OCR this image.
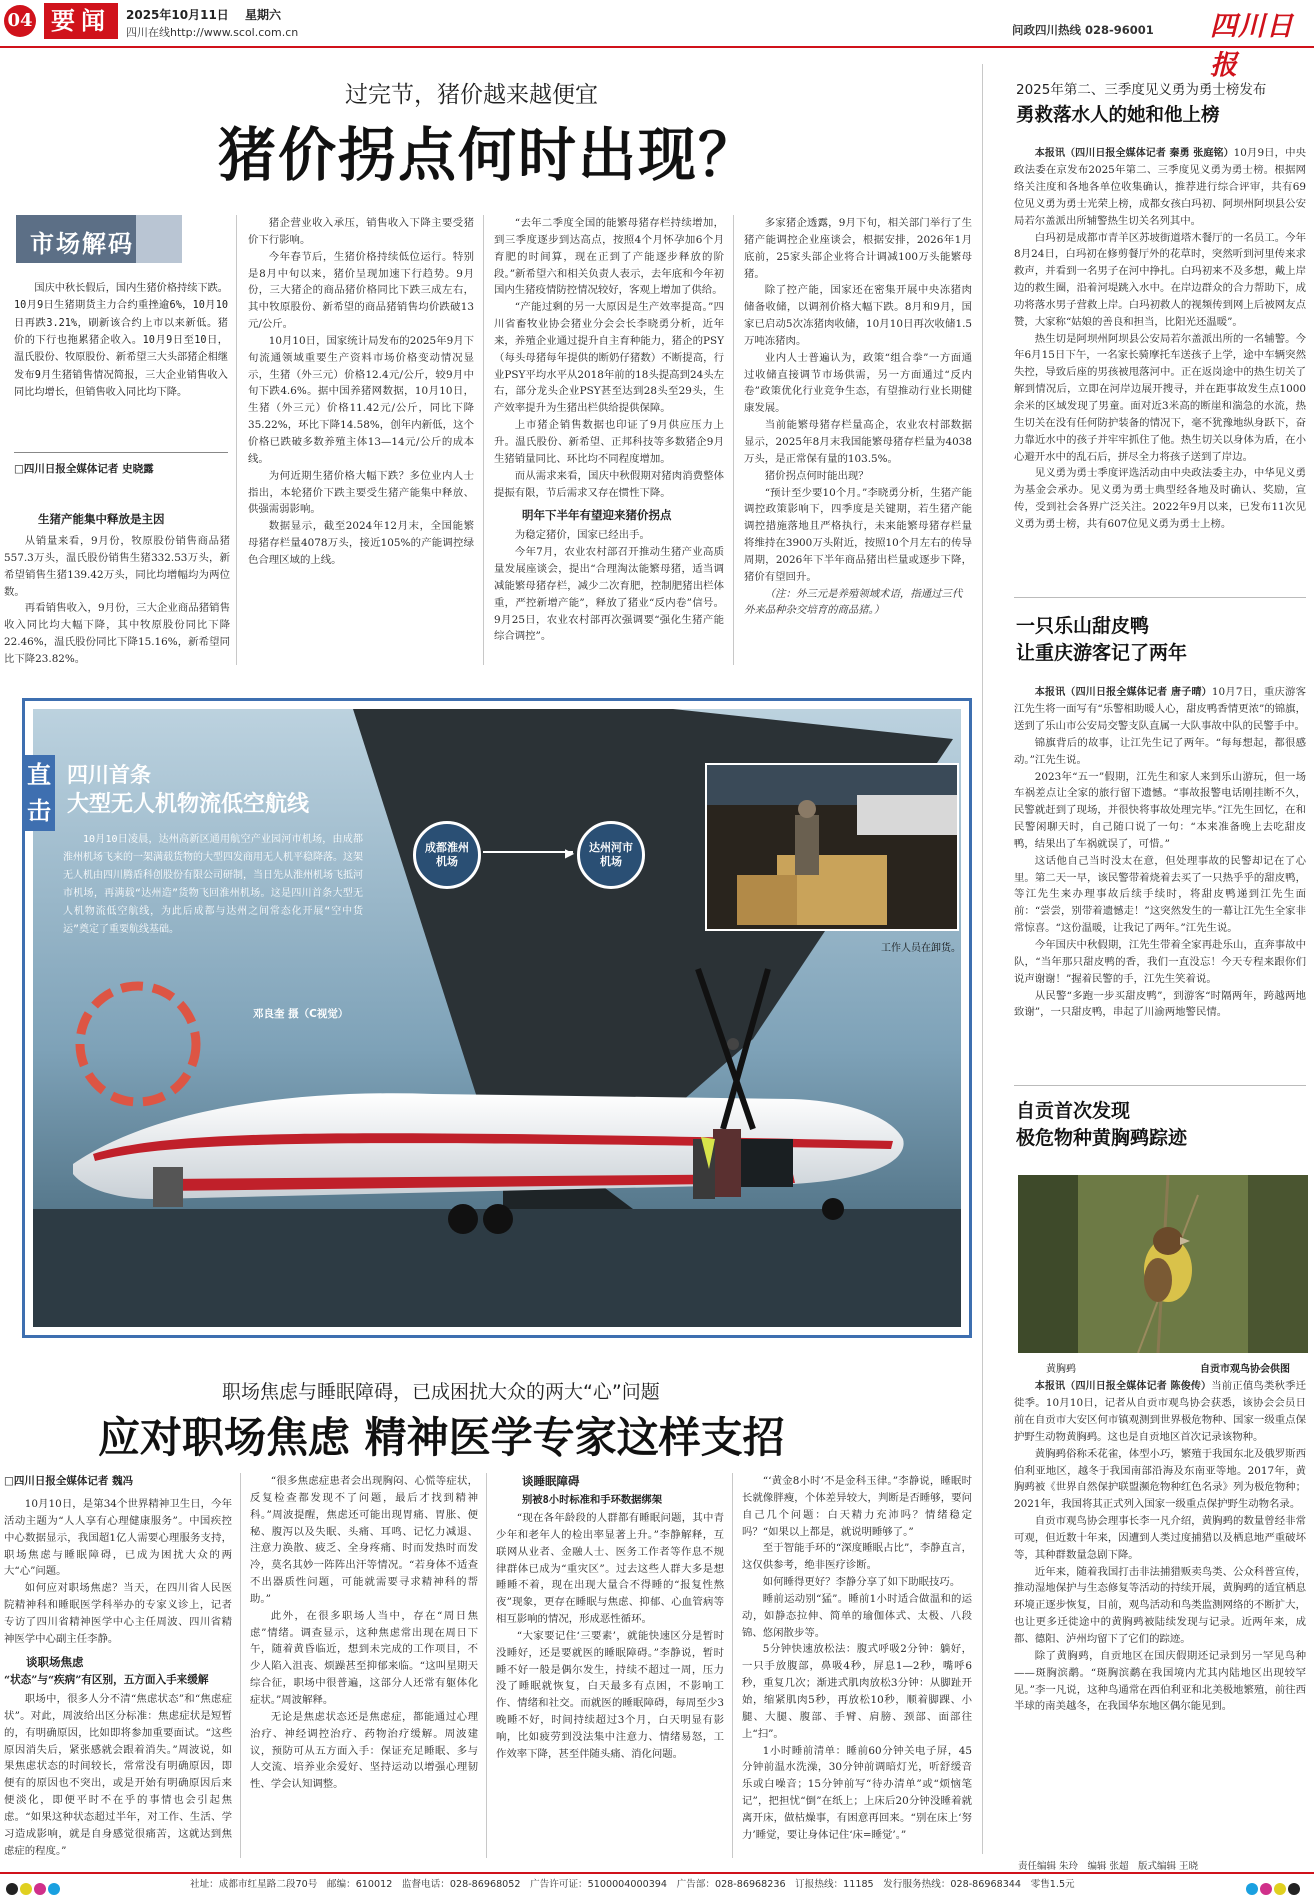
04 要闻	2025年10月11日 星期六
四川在线http://www.scol.com.cn	问政四川热线 028-96001 四川日报
过完节，猪价越来越便宜
猪价拐点何时出现？
市场解码
国庆中秋长假后，国内生猪价格持续下跌。10月9日生猪期货主力合约重挫逾6%，10月10日再跌3.21%，刷新该合约上市以来新低。猪价的下行也拖累猪企收入。10月9日至10日，温氏股份、牧原股份、新希望三大头部猪企相继发布9月生猪销售情况简报，三大企业销售收入同比均增长，但销售收入同比均下降。
□四川日报全媒体记者 史晓露
生猪产能集中释放是主因

从销量来看，9月份，牧原股份销售商品猪557.3万头，温氏股份销售生猪332.53万头，新希望销售生猪139.42万头，同比均增幅均为两位数。

再看销售收入，9月份，三大企业商品猪销售收入同比均大幅下降，其中牧原股份同比下降22.46%，温氏股份同比下降15.16%，新希望同比下降23.82%。

猪企营业收入承压，销售收入下降主要受猪价下行影响。

今年春节后，生猪价格持续低位运行。特别是8月中旬以来，猪价呈现加速下行趋势。9月份，三大猪企的商品猪价格同比下跌三成左右，其中牧原股份、新希望的商品猪销售均价跌破13元/公斤。

10月10日，国家统计局发布的2025年9月下旬流通领域重要生产资料市场价格变动情况显示，生猪（外三元）价格12.4元/公斤，较9月中旬下跌4.6%。据中国养猪网数据，10月10日，生猪（外三元）价格11.42元/公斤，同比下降35.22%，环比下降14.58%，创年内新低，这个价格已跌破多数养殖主体13—14元/公斤的成本线。

为何近期生猪价格大幅下跌？多位业内人士指出，本轮猪价下跌主要受生猪产能集中释放、供强需弱影响。

数据显示，截至2024年12月末，全国能繁母猪存栏量4078万头，接近105%的产能调控绿色合理区域的上线。

“去年二季度全国的能繁母猪存栏持续增加，到三季度逐步到达高点，按照4个月怀孕加6个月育肥的时间算，现在正到了产能逐步释放的阶段。”新希望六和相关负责人表示，去年底和今年初国内生猪疫情防控情况较好，客观上增加了供给。

“产能过剩的另一大原因是生产效率提高。”四川省畜牧业协会猪业分会会长李晓勇分析，近年来，养殖企业通过提升自主育种能力，猪企的PSY（每头母猪每年提供的断奶仔猪数）不断提高，行业PSY平均水平从2018年前的18头提高到24头左右，部分龙头企业PSY甚至达到28头至29头，生产效率提升为生猪出栏供给提供保障。

上市猪企销售数据也印证了9月供应压力上升。温氏股份、新希望、正邦科技等多数猪企9月生猪销量同比、环比均不同程度增加。

而从需求来看，国庆中秋假期对猪肉消费整体提振有限，节后需求又存在惯性下降。

明年下半年有望迎来猪价拐点

为稳定猪价，国家已经出手。

今年7月，农业农村部召开推动生猪产业高质量发展座谈会，提出“合理淘汰能繁母猪，适当调减能繁母猪存栏，减少二次育肥，控制肥猪出栏体重，严控新增产能”，释放了猪业“反内卷”信号。9月25日，农业农村部再次强调要“强化生猪产能综合调控”。

多家猪企透露，9月下旬，相关部门举行了生猪产能调控企业座谈会，根据安排，2026年1月底前，25家头部企业将合计调减100万头能繁母猪。

除了控产能，国家还在密集开展中央冻猪肉储备收储，以调剂价格大幅下跌。8月和9月，国家已启动5次冻猪肉收储，10月10日再次收储1.5万吨冻猪肉。

业内人士普遍认为，政策“组合拳”一方面通过收储直接调节市场供需，另一方面通过“反内卷”政策优化行业竞争生态，有望推动行业长期健康发展。

当前能繁母猪存栏量高企，农业农村部数据显示，2025年8月末我国能繁母猪存栏量为4038万头，是正常保有量的103.5%。

猪价拐点何时能出现？

“预计至少要10个月。”李晓勇分析，生猪产能调控政策影响下，四季度是关键期，若生猪产能调控措施落地且严格执行，未来能繁母猪存栏量将维持在3900万头附近，按照10个月左右的传导周期，2026年下半年商品猪出栏量或逐步下降，猪价有望回升。

（注：外三元是养殖领域术语，指通过三代外来品种杂交培育的商品猪。）

直击
四川首条
大型无人机物流低空航线
10月10日凌晨，达州高新区通用航空产业园河市机场，由成都淮州机场飞来的一架满载货物的大型四发商用无人机平稳降落。这架无人机由四川腾盾科创股份有限公司研制，当日先从淮州机场飞抵河市机场，再满载“达州造”货物飞回淮州机场。这是四川首条大型无人机物流低空航线，为此后成都与达州之间常态化开展“空中货运”奠定了重要航线基础。
邓良奎 摄（C视觉）
成都淮州机场
▶	达州河市机场
工作人员在卸货。
2025年第二、三季度见义勇为勇士榜发布
勇救落水人的她和他上榜

本报讯（四川日报全媒体记者 秦勇 张庭铭）10月9日，中央政法委在京发布2025年第二、三季度见义勇为勇士榜。根据网络关注度和各地各单位收集确认，推荐进行综合评审，共有69位见义勇为勇士光荣上榜，成都女孩白玛初、阿坝州阿坝县公安局若尔盖派出所辅警热生切关名列其中。

白玛初是成都市青羊区苏坡街道塔木餐厅的一名员工。今年8月24日，白玛初在修剪餐厅外的花草时，突然听到河里传来求救声，并看到一名男子在河中挣扎。白玛初来不及多想，戴上岸边的救生圈，沿着河堤跳入水中。在岸边群众的合力帮助下，成功将落水男子营救上岸。白玛初救人的视频传到网上后被网友点赞，大家称“姑娘的善良和担当，比阳光还温暖”。

热生切是阿坝州阿坝县公安局若尔盖派出所的一名辅警。今年6月15日下午，一名家长骑摩托车送孩子上学，途中车辆突然失控，导致后座的男孩被甩落河中。正在返岗途中的热生切关了解到情况后，立即在河岸边展开搜寻，并在距事故发生点1000余米的区域发现了男童。面对近3米高的断崖和湍急的水流，热生切关在没有任何防护装备的情况下，毫不犹豫地纵身跃下，奋力靠近水中的孩子并牢牢抓住了他。热生切关以身体为盾，在小心避开水中的乱石后，拼尽全力将孩子送到了岸边。

见义勇为勇士季度评选活动由中央政法委主办，中华见义勇为基金会承办。见义勇为勇士典型经各地及时确认、奖励，宣传，受到社会各界广泛关注。2022年9月以来，已发布11次见义勇为勇士榜，共有607位见义勇为勇士上榜。

一只乐山甜皮鸭
让重庆游客记了两年

本报讯（四川日报全媒体记者 唐子晴）10月7日，重庆游客江先生将一面写有“乐警相助暖人心，甜皮鸭香情更浓”的锦旗，送到了乐山市公安局交警支队直属一大队事故中队的民警手中。

锦旗背后的故事，让江先生记了两年。“每每想起，都很感动。”江先生说。

2023年“五一”假期，江先生和家人来到乐山游玩，但一场车祸差点让全家的旅行留下遗憾。“事故报警电话刚挂断不久，民警就赶到了现场，并很快将事故处理完毕。”江先生回忆，在和民警闲聊天时，自己随口说了一句：“本来准备晚上去吃甜皮鸭，结果出了车祸就误了，可惜。”

这话他自己当时没太在意，但处理事故的民警却记在了心里。第二天一早，该民警带着烧着去买了一只热乎乎的甜皮鸭，等江先生来办理事故后续手续时，将甜皮鸭递到江先生面前：“尝尝，别带着遗憾走！”这突然发生的一幕让江先生全家非常惊喜。“这份温暖，让我记了两年。”江先生说。

今年国庆中秋假期，江先生带着全家再赴乐山，直奔事故中队，“当年那只甜皮鸭的香，我们一直没忘！今天专程来跟你们说声谢谢！”握着民警的手，江先生笑着说。

从民警“多跑一步买甜皮鸭”，到游客“时隔两年，跨越两地致谢”，一只甜皮鸭，串起了川渝两地警民情。

自贡首次发现
极危物种黄胸鹀踪迹
黄胸鹀	自贡市观鸟协会供图

本报讯（四川日报全媒体记者 陈俊传）当前正值鸟类秋季迁徙季。10月10日，记者从自贡市观鸟协会获悉，该协会会员日前在自贡市大安区何市镇观测到世界极危物种、国家一级重点保护野生动物黄胸鹀。这也是自贡地区首次记录该物种。

黄胸鹀俗称禾花雀，体型小巧，繁殖于我国东北及俄罗斯西伯利亚地区，越冬于我国南部沿海及东南亚等地。2017年，黄胸鹀被《世界自然保护联盟濒危物种红色名录》列为极危物种；2021年，我国将其正式列入国家一级重点保护野生动物名录。

自贡市观鸟协会理事长李一凡介绍，黄胸鹀的数量曾经非常可观，但近数十年来，因遭到人类过度捕猎以及栖息地严重破坏等，其种群数量急剧下降。

近年来，随着我国打击非法捕猎贩卖鸟类、公众科普宣传，推动湿地保护与生态修复等活动的持续开展，黄胸鹀的适宜栖息环境正逐步恢复，目前，观鸟活动和鸟类监测网络的不断扩大，也让更多迁徙途中的黄胸鹀被陆续发现与记录。近两年来，成都、德阳、泸州均留下了它们的踪迹。

除了黄胸鹀，自贡地区在国庆假期还记录到另一罕见鸟种——斑胸滨鹬。“斑胸滨鹬在我国境内尤其内陆地区出现较罕见。”李一凡说，这种鸟通常在西伯利亚和北美极地繁殖，前往西半球的南美越冬，在我国华东地区偶尔能见到。

责任编辑 朱玲　编辑 张超　版式编辑 王晓
职场焦虑与睡眠障碍，已成困扰大众的两大“心”问题
应对职场焦虑 精神医学专家这样支招
□四川日报全媒体记者 魏冯

10月10日，是第34个世界精神卫生日，今年活动主题为“人人享有心理健康服务”。中国疾控中心数据显示，我国超1亿人需要心理服务支持，职场焦虑与睡眠障碍，已成为困扰大众的两大“心”问题。

如何应对职场焦虑？当天，在四川省人民医院精神科和睡眠医学科举办的专家义诊上，记者专访了四川省精神医学中心主任周波、四川省精神医学中心副主任李静。

谈职场焦虑
“状态”与“疾病”有区别，五方面入手来缓解

职场中，很多人分不清“焦虑状态”和“焦虑症状”。对此，周波给出区分标准：焦虑症状是短暂的，有明确原因，比如即将参加重要面试。“这些原因消失后，紧张感就会跟着消失。”周波说，如果焦虑状态的时间较长，常常没有明确原因，即便有的原因也不突出，或是开始有明确原因后来便淡化，即便平时不在乎的事情也会引起焦虑。“如果这种状态超过半年，对工作、生活、学习造成影响，就是自身感觉很痛苦，这就达到焦虑症的程度。”

“很多焦虑症患者会出现胸闷、心慌等症状，反复检查都发现不了问题，最后才找到精神科。”周波提醒，焦虑还可能出现胃痛、胃胀、便秘、腹泻以及失眠、头痛、耳鸣、记忆力减退、注意力涣散、疲乏、全身疼痛、时而发热时而发冷，莫名其妙一阵阵出汗等情况。“若身体不适查不出器质性问题，可能就需要寻求精神科的帮助。”

此外，在很多职场人当中，存在“周日焦虑”情绪。调查显示，这种焦虑常出现在周日下午，随着黄昏临近，想到未完成的工作项目，不少人陷入沮丧、烦躁甚至抑郁来临。“这叫星期天综合征，职场中很普遍，这部分人还常有躯体化症状。”周波解释。

无论是焦虑状态还是焦虑症，都能通过心理治疗、神经调控治疗、药物治疗缓解。周波建议，预防可从五方面入手：保证充足睡眠、多与人交流、培养业余爱好、坚持运动以增强心理韧性、学会认知调整。

谈睡眠障碍
别被8小时标准和手环数据绑架

“现在各年龄段的人群都有睡眠问题，其中青少年和老年人的检出率显著上升。”李静解释，互联网从业者、金融人士、医务工作者等作息不规律群体已成为“重灾区”。过去这些人群大多是想睡睡不着，现在出现大量合不得睡的“报复性熬夜”现象，更存在睡眠与焦虑、抑郁、心血管病等相互影响的情况，形成恶性循环。

“大家要记住‘三要素’，就能快速区分是暂时没睡好，还是要就医的睡眠障碍。”李静说，暂时睡不好一般是偶尔发生，持续不超过一周，压力没了睡眠就恢复，白天最多有点困，不影响工作、情绪和社交。而就医的睡眠障碍，每周至少3晚睡不好，时间持续超过3个月，白天明显有影响，比如疲劳到没法集中注意力、情绪易怒，工作效率下降，甚至伴随头痛、消化问题。

“‘黄金8小时’不是金科玉律。”李静说，睡眠时长就像胖瘦，个体差异较大，判断是否睡够，要问自己几个问题：白天精力充沛吗？情绪稳定吗？“如果以上都是，就说明睡够了。”

至于智能手环的“深度睡眠占比”，李静直言，这仅供参考，绝非医疗诊断。

如何睡得更好？李静分享了如下助眠技巧。

睡前运动别“猛”。睡前1小时适合做温和的运动，如静态拉伸、简单的瑜伽体式、太极、八段锦、悠闲散步等。

5分钟快速放松法：腹式呼吸2分钟：躺好，一只手放腹部，鼻吸4秒，屏息1—2秒，嘴呼6秒，重复几次；渐进式肌肉放松3分钟：从脚趾开始，缩紧肌肉5秒，再放松10秒，顺着脚踝、小腿、大腿、腹部、手臂、肩膀、颈部、面部往上“扫”。

1小时睡前清单：睡前60分钟关电子屏，45分钟前温水洗澡，30分钟前调暗灯光，听舒缓音乐或白噪音；15分钟前写“待办清单”或“烦恼笔记”，把担忧“倒”在纸上；上床后20分钟没睡着就离开床，做枯燥事，有困意再回来。“别在床上‘努力’睡觉，要让身体记住‘床=睡觉’。”

社址：成都市红星路二段70号　邮编：610012　监督电话：028-86968052　广告许可证：5100004000394　广告部：028-86968236　订报热线：11185　发行服务热线：028-86968344　零售1.5元
